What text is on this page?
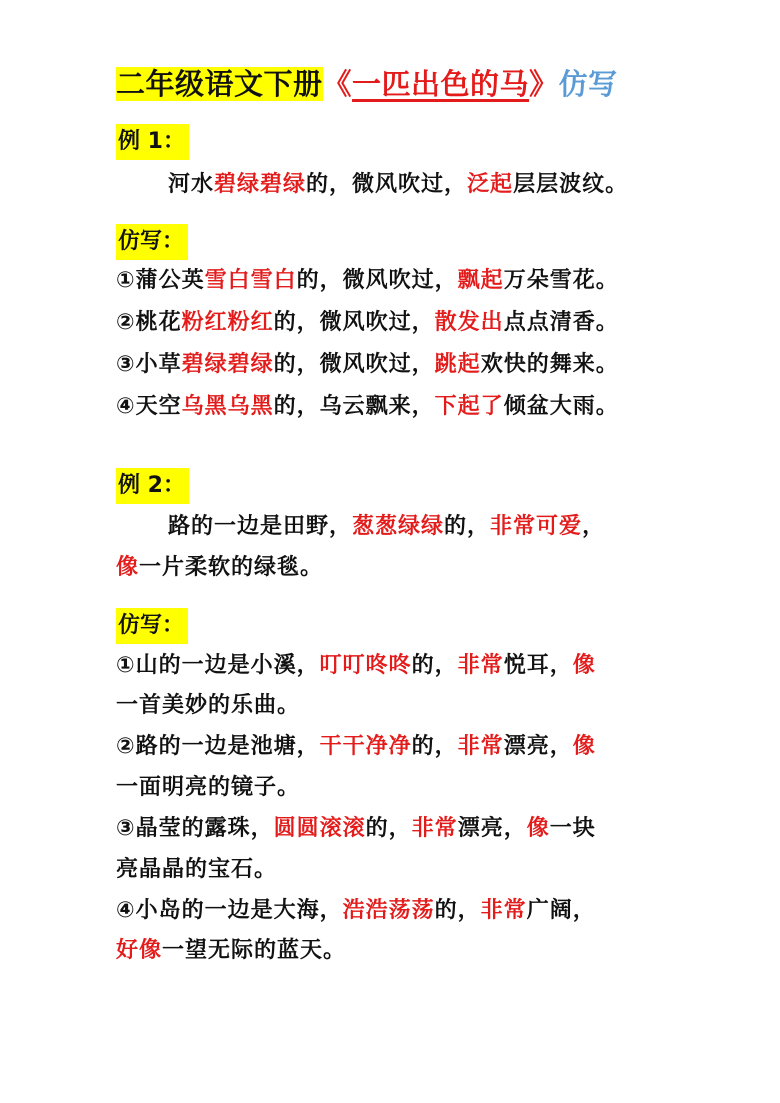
二年级语文下册《一匹出色的马》仿写
例 1：
河水碧绿碧绿的，微风吹过，泛起层层波纹。
仿写：
①蒲公英雪白雪白的，微风吹过，飘起万朵雪花。
②桃花粉红粉红的，微风吹过，散发出点点清香。
③小草碧绿碧绿的，微风吹过，跳起欢快的舞来。
④天空乌黑乌黑的，乌云飘来，下起了倾盆大雨。
例 2：
路的一边是田野，葱葱绿绿的，非常可爱，
像一片柔软的绿毯。
仿写：
①山的一边是小溪，叮叮咚咚的，非常悦耳，像
一首美妙的乐曲。
②路的一边是池塘，干干净净的，非常漂亮，像
一面明亮的镜子。
③晶莹的露珠，圆圆滚滚的，非常漂亮，像一块
亮晶晶的宝石。
④小岛的一边是大海，浩浩荡荡的，非常广阔，
好像一望无际的蓝天。
